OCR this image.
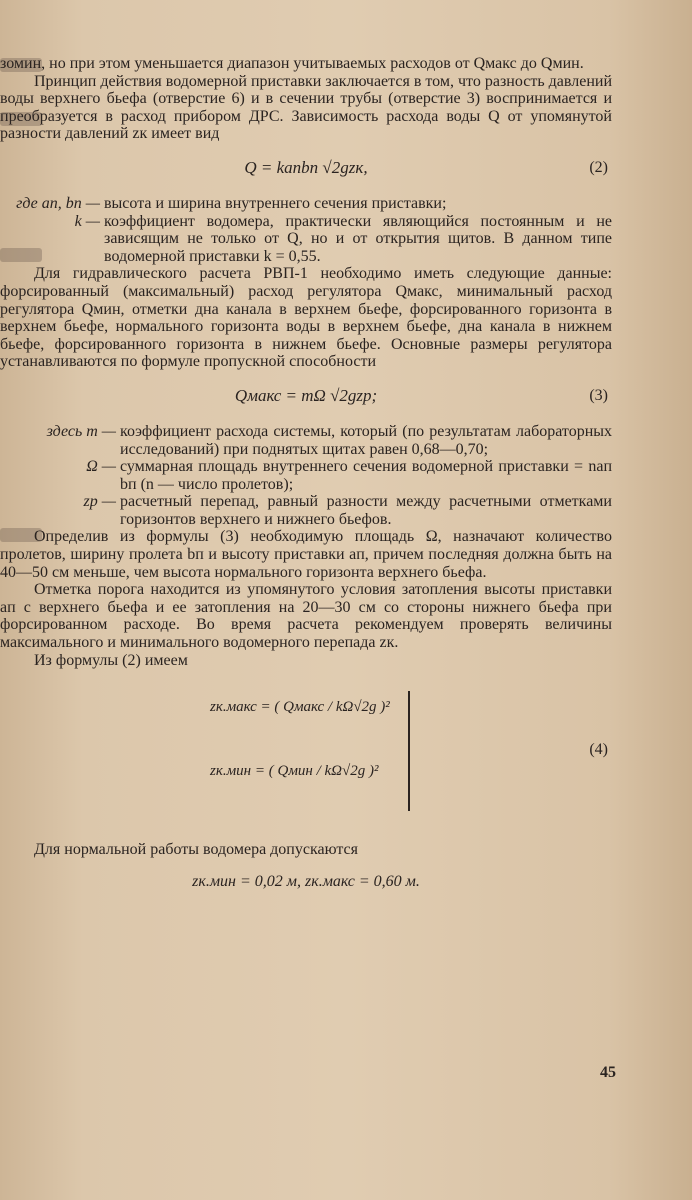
зомин, но при этом уменьшается диапазон учитываемых расходов от Qмакс до Qмин.

Принцип действия водомерной приставки заключается в том, что разность давлений воды верхнего бьефа (отверстие 6) и в сечении трубы (отверстие 3) воспринимается и преобразуется в расход прибором ДРС. Зависимость расхода воды Q от упомянутой разности давлений zк имеет вид

Q = kaпbп √2gzк,	(2)
где aп, bп — высота и ширина внутреннего сечения приставки;
k — коэффициент водомера, практически являющийся постоянным и не зависящим не только от Q, но и от открытия щитов. В данном типе водомерной приставки k = 0,55.

Для гидравлического расчета РВП-1 необходимо иметь следующие данные: форсированный (максимальный) расход регулятора Qмакс, минимальный расход регулятора Qмин, отметки дна канала в верхнем бьефе, форсированного горизонта в верхнем бьефе, нормального горизонта воды в верхнем бьефе, дна канала в нижнем бьефе, форсированного горизонта в нижнем бьефе. Основные размеры регулятора устанавливаются по формуле пропускной способности

Qмакс = mΩ √2gzр;	(3)
здесь m — коэффициент расхода системы, который (по результатам лабораторных исследований) при поднятых щитах равен 0,68—0,70;
Ω — суммарная площадь внутреннего сечения водомерной приставки = naп bп (n — число пролетов);
zр — расчетный перепад, равный разности между расчетными отметками горизонтов верхнего и нижнего бьефов.

Определив из формулы (3) необходимую площадь Ω, назначают количество пролетов, ширину пролета bп и высоту приставки aп, причем последняя должна быть на 40—50 см меньше, чем высота нормального горизонта верхнего бьефа.

Отметка порога находится из упомянутого условия затопления высоты приставки aп с верхнего бьефа и ее затопления на 20—30 см со стороны нижнего бьефа при форсированном расходе. Во время расчета рекомендуем проверять величины максимального и минимального водомерного перепада zк.

Из формулы (2) имеем

zк.макс = ( Qмакс / kΩ√2g )²
zк.мин = ( Qмин / kΩ√2g )²
(4)

Для нормальной работы водомера допускаются

zк.мин = 0,02 м, zк.макс = 0,60 м.
45
